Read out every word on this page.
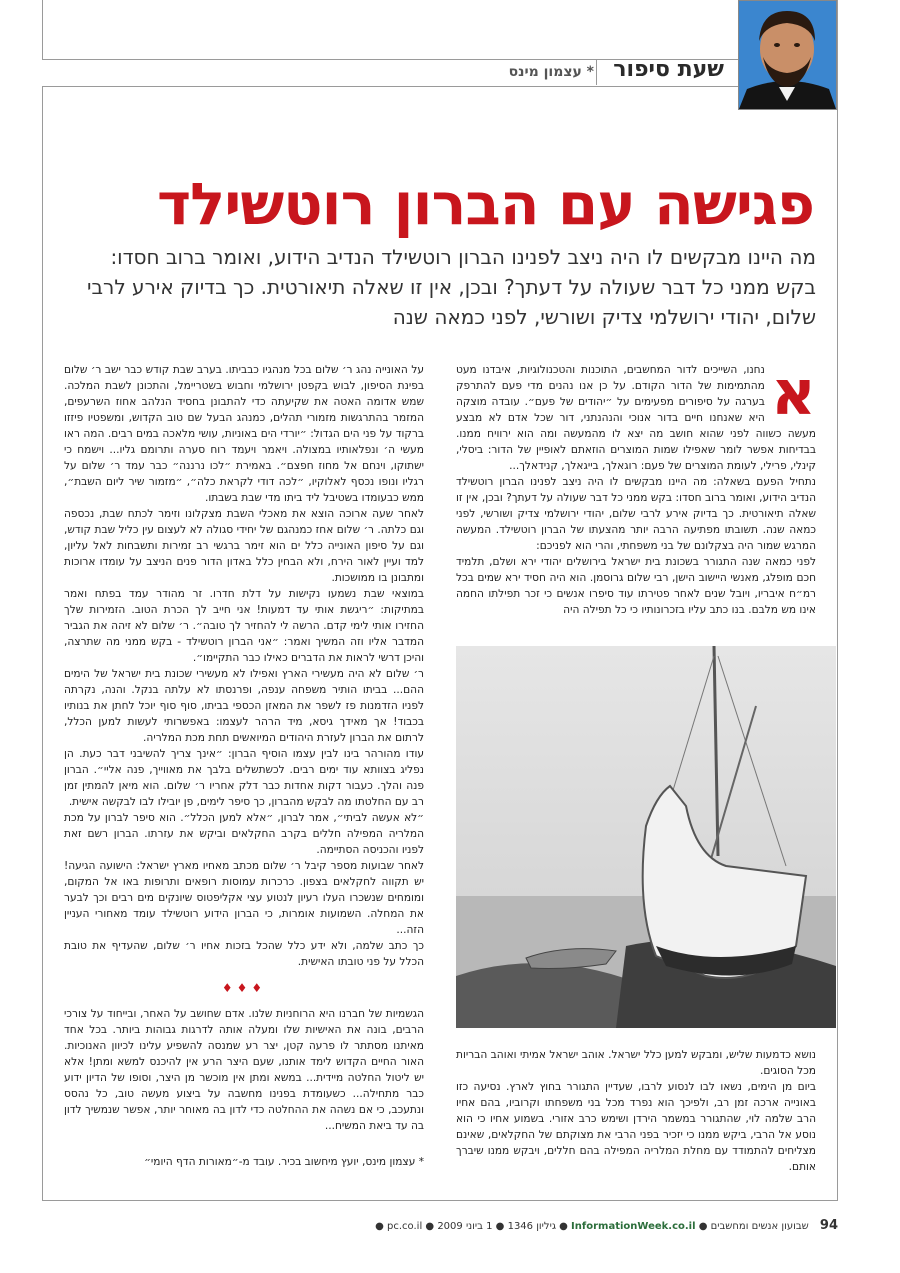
שעת סיפור
עצמון מינס *
פגישה עם הברון רוטשילד
מה היינו מבקשים לו היה ניצב לפנינו הברון רוטשילד הנדיב הידוע, ואומר ברוב חסדו: בקש ממני כל דבר שעולה על דעתך? ובכן, אין זו שאלה תיאורטית. כך בדיוק אירע לרבי שלום, יהודי ירושלמי צדיק ושורשי, לפני כמאה שנה
א

נחנו, השייכים לדור המחשבים, התוכנות והטכנולוגיות, איבדנו מעט מהתמימות של הדור הקודם. על כן אנו נהנים מדי פעם להתרפק בערגה על סיפורים מפעימים על ״יהודים של פעם״. עובדה מוצקה היא שאנחנו חיים בדור אנוכי והנהנתני, דור שכל אדם לא מבצע מעשה כשווה לפני שהוא חושב מה יצא לו מהמעשה ומה הוא ירוויח ממנו. בבדיחות אפשר לומר שאפילו שמות המוצרים הוזאתם לאופיין של הדור: ביסלי, קינלי, פרילי, לעומת המוצרים של פעם: רוגאלך, בייגאלך, קנידאלך...

נתחיל הפעם בשאלה: מה היינו מבקשים לו היה ניצב לפנינו הברון רוטשילד הנדיב הידוע, ואומר ברוב חסדו: בקש ממני כל דבר שעולה על דעתך? ובכן, אין זו שאלה תיאורטית. כך בדיוק אירע לרבי שלום, יהודי ירושלמי צדיק ושורשי, לפני כמאה שנה. תשובתו מפתיעה הרבה יותר מהצעתו של הברון רוטשילד. המעשה המרגש שמור היה בצקלונם של בני משפחתי, והרי הוא לפניכם:

לפני כמאה שנה התגורר בשכונת בית ישראל בירושלים יהודי ירא ושלם, תלמיד חכם מופלג, מאנשי היישוב הישן, רבי שלום גרוסמן. הוא היה חסיד ירא שמים בכל רמ״ח איבריו, ויובל שנים לאחר פטירתו עוד סיפרו אנשים כי זכר תפילתו החמה אינו מש מלבם. בנו כתב עליו בזכרונותיו כי כל תפילה היה

נושא כדמעות שליש, ומבקש למען כלל ישראל. אוהב ישראל אמיתי ואוהב הבריות מכל הסוגים.

ביום מן הימים, נשאו לבו לנסוע לרבו, שעדיין התגורר בחוץ לארץ. נסיעה כזו באונייה ארכה זמן רב, ולפיכך הוא נפרד מכל בני משפחתו וקרוביו, בהם אחיו הרב שלמה לוי, שהתגורר במשמר הירדן ושימש כרב אזורי. בשמוע אחיו כי הוא נוסע אל הרבי, ביקש ממנו כי יזכיר בפני הרבי את מצוקתם של החקלאים, שאינם מצליחים להתמודד עם מחלת המלריה המפילה בהם חללים, ויבקש ממנו שיברך אותם.

על האונייה נהג ר׳ שלום בכל מנהגיו כבביתו. בערב שבת קודש כבר ישב ר׳ שלום בפינת הסיפון, לבוש בקפטן ירושלמי וחבוש בשטריימל, והתכונן לשבת המלכה. שמש אדומה האטה את שקיעתה כדי להתבונן בחסיד הנלהב אחוז השרעפים, המזמר בהתרגשות מזמורי תהלים, כמנהג הבעל שם טוב הקדוש, ומשפטיו פיזזו ברקוד על פני הים הגדול: ״יורדי הים באוניות, עושי מלאכה במים רבים. המה ראו מעשי ה׳ ונפלאותיו במצולה. ויאמר ויעמד רוח סערה ותרומם גליו... וישמח כי ישתוקו, וינחם אל מחוז חפצם״. באמירת ״לכו נרננה״ כבר עמד ר׳ שלום על רגליו ונופו נכסף לאלוקיו, ״לכה דודי לקראת כלה״, ״מזמור שיר ליום השבת״, ממש כבעומדו בשטיבל ליד ביתו מדי שבת בשבתו.

לאחר שעה ארוכה הוצא את מאכלי השבת מצקלונו וזימר לכתח שבת, נכספה וגם כלתה. ר׳ שלום אחז כמנהגם של יחידי סגולה לא לעצום עין כליל שבת קודש, וגם על סיפון האונייה כלל ים הוא זימר ברגשי רב זמירות ותשבחות לאל עליון, למד ועיין לאור הירח, ולא הבחין כלל באדון הדור פנים הניצב על עומדו ארוכות ומתבונן בו ממושכות.

במוצאי שבת נשמעו נקישות על דלת חדרו. זר מהודר עמד בפתח ואמר במתיקות: ״ריגשת אותי עד דמעות! אני חייב לך הכרת הטוב. הזמירות שלך החזירו אותי לימי קדם. הרשה לי להחזיר לך טובה״. ר׳ שלום לא זיהה את הגביר המדבר אליו וזה המשיך ואמר: ״אני הברון רוטשילד - בקש ממני מה שתרצה, והיכן דרשי לראות את הדברים כאילו כבר התקיימו״.

ר׳ שלום לא היה מעשירי הארץ ואפילו לא מעשירי שכונת בית ישראל של הימים ההם... בביתו הותיר משפחה ענפה, ופרנסתו לא עלתה בנקל. והנה, נקרתה לפניו הזדמנות פז לשפר את המאזן הכספי בביתו, סוף סוף יוכל לחתן את בנותיו בכבוד! אך מאידך גיסא, מיד הרהר לעצמו: באפשרותי לעשות למען הכלל, לרתום את הברון לעזרת היהודים המיואשים תחת מכת המלריה.

עודו מהורהר בינו לבין עצמו הוסיף הברון: ״אינך צריך להשיבני דבר כעת. הן נפליג בצוותא עוד ימים רבים. לכשתשלים בלבך את מאווייך, פנה אליי״. הברון פנה והלך. כעבור דקות אחדות כבר דלק אחריו ר׳ שלום. הוא מיאן להמתין זמן רב עם החלטתו מה לבקש מהברון, כך סיפר לימים, פן יובילו לבו לבקשה אישית.

״לא אעשה לביתי״, אמר לברון, ״אלא למען הכלל״. הוא סיפר לברון על מכת המלריה המפילה חללים בקרב החקלאים וביקש את עזרתו. הברון רשם זאת לפניו והכניסה הסתיימה.

לאחר שבועות מספר קיבל ר׳ שלום מכתב מאחיו מארץ ישראל: הישועה הגיעה! יש תקווה לחקלאים בצפון. כרכרות עמוסות רופאים ותרופות באו אל המקום, ומומחים שנשכרו העלו רעיון לנטוע עצי אקליפטוס שיונקים מים רבים וכך לבער את המחלה. השמועות אומרות, כי הברון הידוע רוטשילד עומד מאחורי העניין הזה...

כך כתב שלמה, ולא ידע כלל שהכל בזכות אחיו ר׳ שלום, שהעדיף את טובת הכלל על פני טובתו האישית.

♦♦♦

הגשמיות של חברנו היא הרוחניות שלנו. אדם שחושב על האחר, ובייחוד על צורכי הרבים, בונה את האישיות שלו ומעלה אותה לדרגות גבוהות ביותר. בכל אחד מאיתנו מסתתר לו פרעה קטן, יצר רע שמנסה להשפיע עלינו לכיוון האנוכיות. האור החיים הקדוש לימד אותנו, שעם היצר הרע אין להיכנס למשא ומתן! אלא יש ליטול החלטה מיידית... במשא ומתן אין מוכשר מן היצר, וסופו של הדיון ידוע כבר מתחילה... כשעומדת בפנינו מחשבה על ביצוע מעשה טוב, כל נהסס ונתעכב, כי אם נשהה את ההחלטה כדי לדון בה מאוחר יותר, אפשר שנמשיך לדון בה עד ביאת המשיח...

* עצמון מינס, יועץ מיחשוב בכיר. עובד מ-״מאורות הדף היומי״
94 שבועון אנשים ומחשבים ● InformationWeek.co.il ● גיליון 1346 ● 1 ביוני 2009 ● pc.co.il ●
